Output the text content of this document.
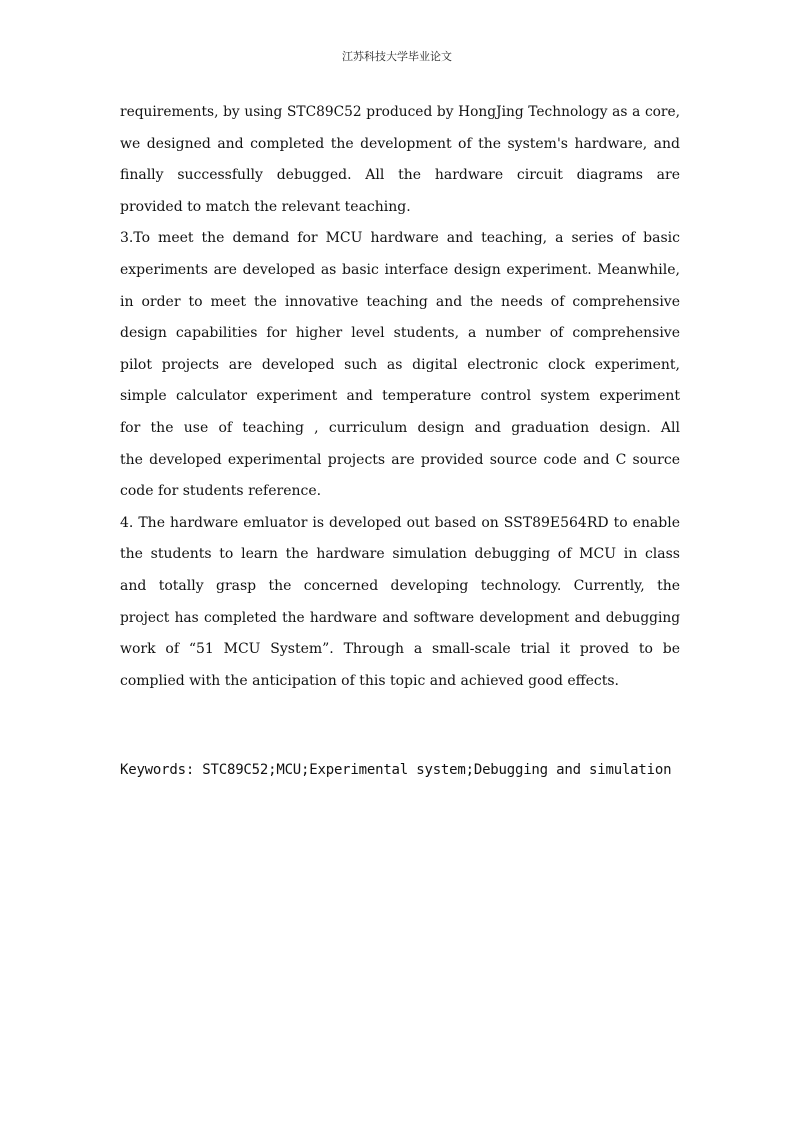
江苏科技大学毕业论文
requirements, by using STC89C52 produced by HongJing Technology as a core,
we designed and completed the development of the system's hardware, and
finally successfully debugged. All the hardware circuit diagrams are
provided to match the relevant teaching.
3.To meet the demand for MCU hardware and teaching, a series of basic
experiments are developed as basic interface design experiment. Meanwhile,
in order to meet the innovative teaching and the needs of comprehensive
design capabilities for higher level students, a number of comprehensive
pilot projects are developed such as digital electronic clock experiment,
simple calculator experiment and temperature control system experiment
for the use of teaching , curriculum design and graduation design. All
the developed experimental projects are provided source code and C source
code for students reference.
4. The hardware emluator is developed out based on SST89E564RD to enable
the students to learn the hardware simulation debugging of MCU in class
and totally grasp the concerned developing technology. Currently, the
project has completed the hardware and software development and debugging
work of “51 MCU System”. Through a small-scale trial it proved to be
complied with the anticipation of this topic and achieved good effects.
Keywords: STC89C52;MCU;Experimental system;Debugging and simulation
